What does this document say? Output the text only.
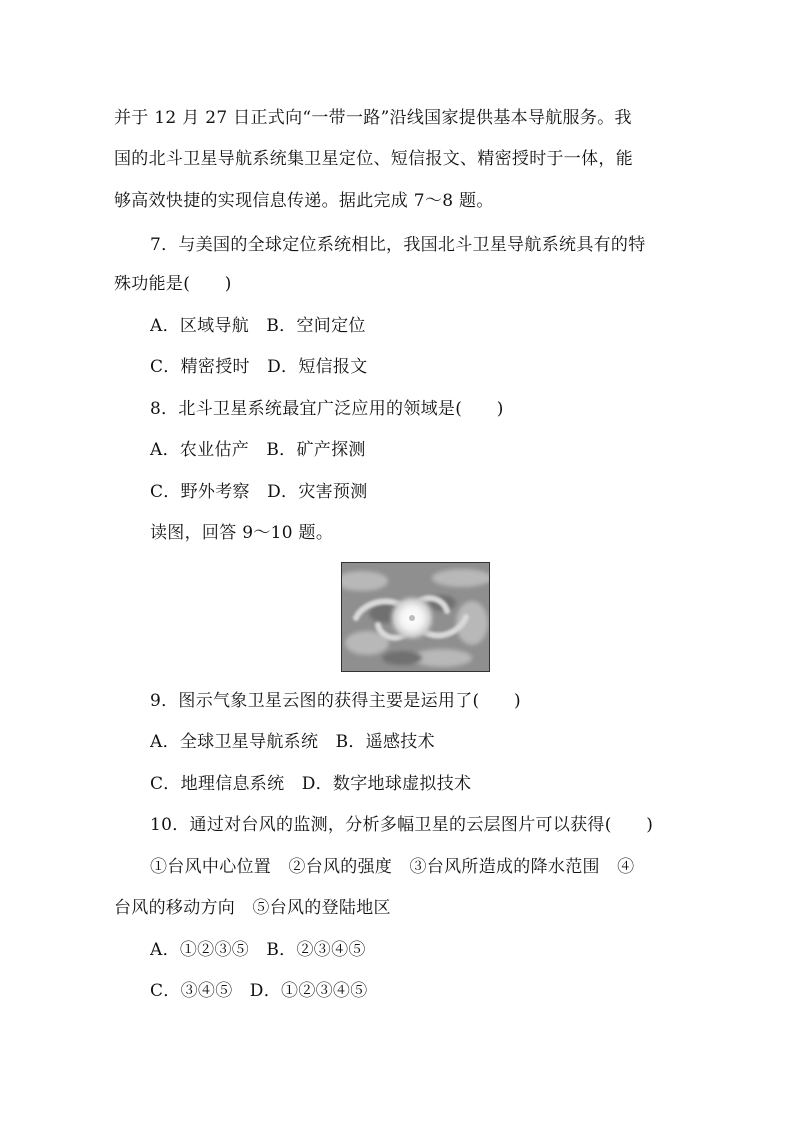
并于 12 月 27 日正式向“一带一路”沿线国家提供基本导航服务。我
国的北斗卫星导航系统集卫星定位、短信报文、精密授时于一体，能
够高效快捷的实现信息传递。据此完成 7～8 题。
7．与美国的全球定位系统相比，我国北斗卫星导航系统具有的特
殊功能是(　　)
A．区域导航　B．空间定位
C．精密授时　D．短信报文
8．北斗卫星系统最宜广泛应用的领域是(　　)
A．农业估产　B．矿产探测
C．野外考察　D．灾害预测
读图，回答 9～10 题。
9．图示气象卫星云图的获得主要是运用了(　　)
A．全球卫星导航系统　B．遥感技术
C．地理信息系统　D．数字地球虚拟技术
10．通过对台风的监测，分析多幅卫星的云层图片可以获得(　　)
①台风中心位置　②台风的强度　③台风所造成的降水范围　④
台风的移动方向　⑤台风的登陆地区
A．①②③⑤　B．②③④⑤
C．③④⑤　D．①②③④⑤
